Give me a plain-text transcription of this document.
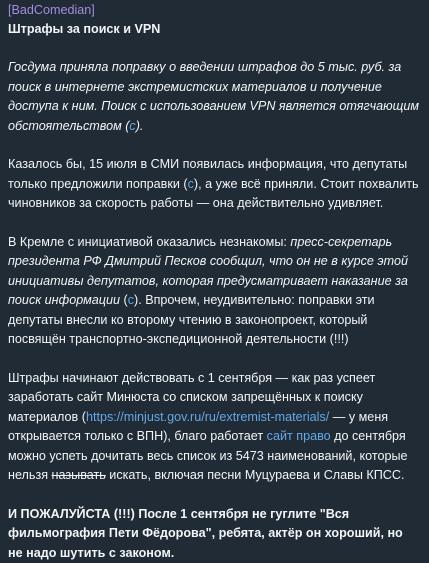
[BadComedian]
Штрафы за поиск и VPN

Госдума приняла поправку о введении штрафов до 5 тыс. руб. за поиск в интернете экстремистских материалов и получение доступа к ним. Поиск с использованием VPN является отягчающим обстоятельством (с).

Казалось бы, 15 июля в СМИ появилась информация, что депутаты только предложили поправки (с), а уже всё приняли. Стоит похвалить чиновников за скорость работы — она действительно удивляет.

В Кремле с инициативой оказались незнакомы: пресс-секретарь президента РФ Дмитрий Песков сообщил, что он не в курсе этой инициативы депутатов, которая предусматривает наказание за поиск информации (с). Впрочем, неудивительно: поправки эти депутаты внесли ко второму чтению в законопроект, который посвящён транспортно-экспедиционной деятельности (!!!)

Штрафы начинают действовать с 1 сентября — как раз успеет заработать сайт Минюста со списком запрещённых к поиску материалов (https://minjust.gov.ru/ru/extremist-materials/ — у меня открывается только с ВПН), благо работает сайт право до сентября можно успеть дочитать весь список из 5473 наименований, которые нельзя называть искать, включая песни Муцураева и Славы КПСС.

И ПОЖАЛУЙСТА (!!!) После 1 сентября не гуглите "Вся фильмография Пети Фёдорова", ребята, актёр он хороший, но не надо шутить с законом.
